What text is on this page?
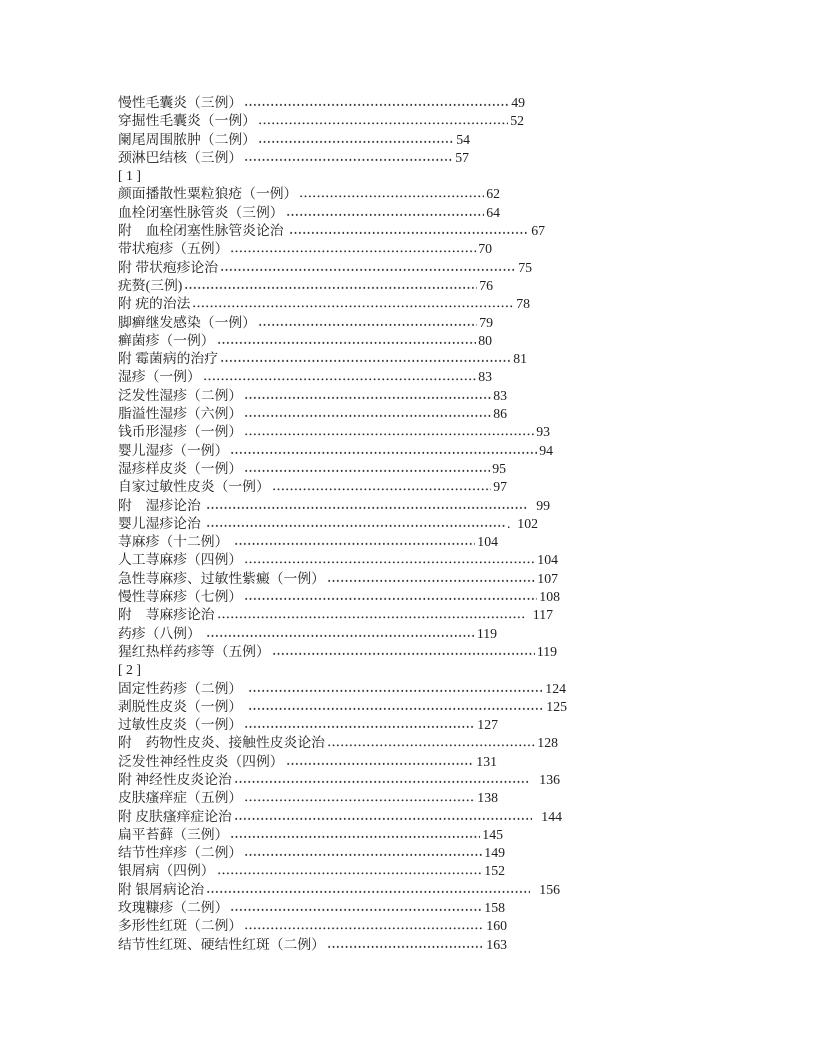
慢性毛囊炎（三例）	49
穿掘性毛囊炎（一例）	52
阑尾周围脓肿（二例）	54
颈淋巴结核（三例）	57
[ 1 ]
颜面播散性粟粒狼疮（一例）	62
血栓闭塞性脉管炎（三例）	64
附　血栓闭塞性脉管炎论治	67
带状疱疹（五例）	70
附 带状疱疹论治	75
疣赘(三例)	76
附 疣的治法	78
脚癣继发感染（一例）	79
癣菌疹（一例）	80
附 霉菌病的治疗	81
湿疹（一例）	83
泛发性湿疹（二例）	83
脂溢性湿疹（六例）	86
钱币形湿疹（一例）	93
婴儿湿疹（一例）	94
湿疹样皮炎（一例）	95
自家过敏性皮炎（一例）	97
附　湿疹论治	99
婴儿湿疹论治	.  102
荨麻疹（十二例）	104
人工荨麻疹（四例）	104
急性荨麻疹、过敏性紫癜（一例）	107
慢性荨麻疹（七例）	108
附　荨麻疹论治	117
药疹（八例）	119
猩红热样药疹等（五例）	119
[ 2 ]
固定性药疹（二例）	124
剥脱性皮炎（一例）	125
过敏性皮炎（一例）	127
附　药物性皮炎、接触性皮炎论治	128
泛发性神经性皮炎（四例）	131
附 神经性皮炎论治	136
皮肤瘙痒症（五例）	138
附 皮肤瘙痒症论治	144
扁平苔藓（三例）	145
结节性痒疹（二例）	149
银屑病（四例）	152
附 银屑病论治	156
玫瑰糠疹（二例）	158
多形性红斑（二例）	160
结节性红斑、硬结性红斑（二例）	163
